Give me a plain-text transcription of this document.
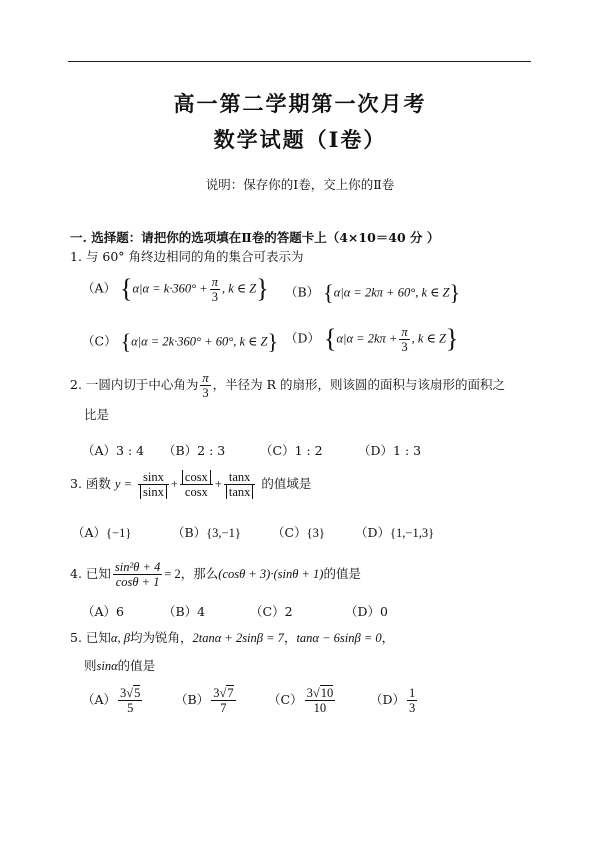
高一第二学期第一次月考
数学试题（Ⅰ卷）
说明：保存你的Ⅰ卷，交上你的Ⅱ卷
一. 选择题：请把你的选项填在Ⅱ卷的答题卡上（4×10＝40 分 ）
1. 与 60° 角终边相同的角的集合可表示为
（A） {$\alpha|\alpha = k\cdot 360^\circ + \frac{\pi}{3}$ , k ∈ Z} （B） {α|α = 2kπ + 60°, k ∈ Z}
（C） {α|α = 2k·360° + 60°, k ∈ Z} （D） {$\alpha|\alpha = 2k\pi + \frac{\pi}{3}$ , k ∈ Z}
2. 一圆内切于中心角为 $\frac{\pi}{3}$ ，半径为 R 的扇形，则该圆的面积与该扇形的面积之
比是
（A）3 : 4 （B）2 : 3	（C）1 : 2	（D）1 : 3
3. 函数 $y = \frac{\sin x}{\sin x} + \frac{\cos x}{\cos x} + \frac{\tan x}{\tan x}$ 的值域是
（A）{−1}	（B）{3,−1} （C）{3} （D）{1,−1,3}
4. 已知 $\frac{\text{sin²θ + 4}}{\cos\theta + 1} = 2$，那么(cosθ + 3)·(sinθ + 1)的值是
（A）6	（B）4	（C）2	（D）0
5. 已知α, β均为锐角，2tanα + 2sinβ = 7，tanα − 6sinβ = 0，
则sinα的值是
$(A) \frac{3√5}{5}$	$(B) \frac{3√7}{7}$	$(C) \frac{3√10}{10}$	$(D) \frac{1}{3}$
